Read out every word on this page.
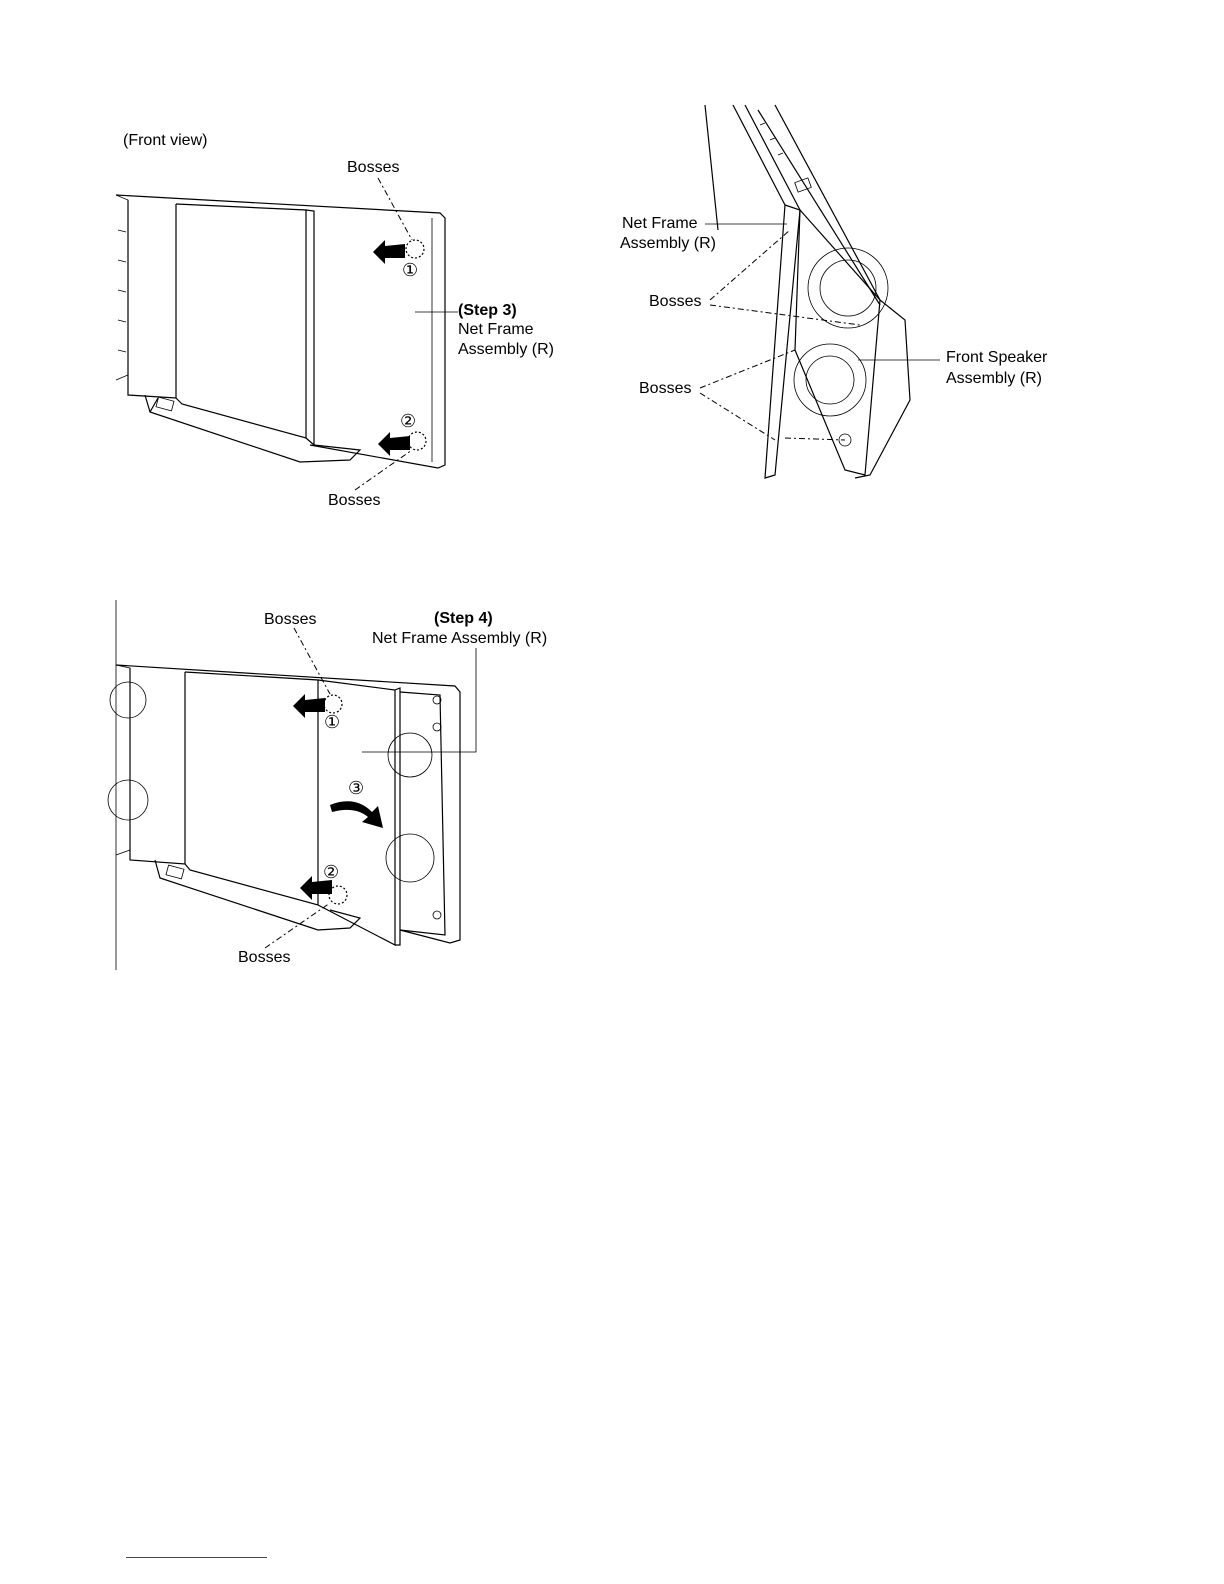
(Front view)
Bosses
①
②
(Step 3)
Net Frame
Assembly (R)
Bosses
Net Frame
Assembly (R)
Bosses
Bosses
Front Speaker
Assembly (R)
Bosses	(Step 4)
Net Frame Assembly (R)
①
③
②
Bosses
